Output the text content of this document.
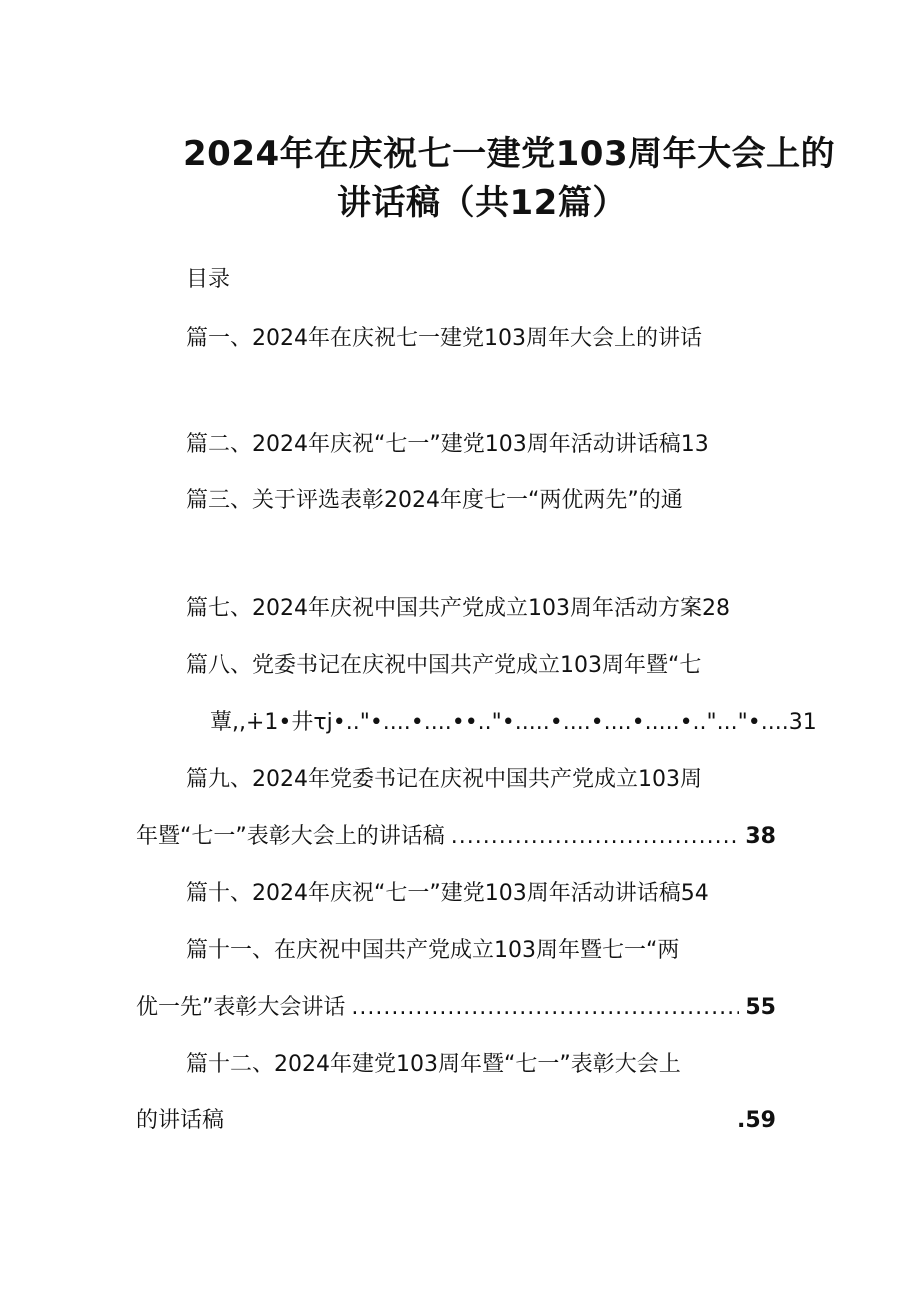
2024年在庆祝七一建党103周年大会上的
讲话稿（共12篇）
目录
篇一、2024年在庆祝七一建党103周年大会上的讲话
篇二、2024年庆祝“七一”建党103周年活动讲话稿13
篇三、关于评选表彰2024年度七一“两优两先”的通
篇七、2024年庆祝中国共产党成立103周年活动方案28
篇八、党委书记在庆祝中国共产党成立103周年暨“七
蕈,,∔1•井τj•.."•....•....••.."•.....•....•....•.....•.."..."•....31
篇九、2024年党委书记在庆祝中国共产党成立103周
年暨“七一”表彰大会上的讲话稿 .....	38
篇十、2024年庆祝“七一”建党103周年活动讲话稿54
篇十一、在庆祝中国共产党成立103周年暨七一“两
优一先”表彰大会讲话 .....	55
篇十二、2024年建党103周年暨“七一”表彰大会上
的讲话稿	.59
